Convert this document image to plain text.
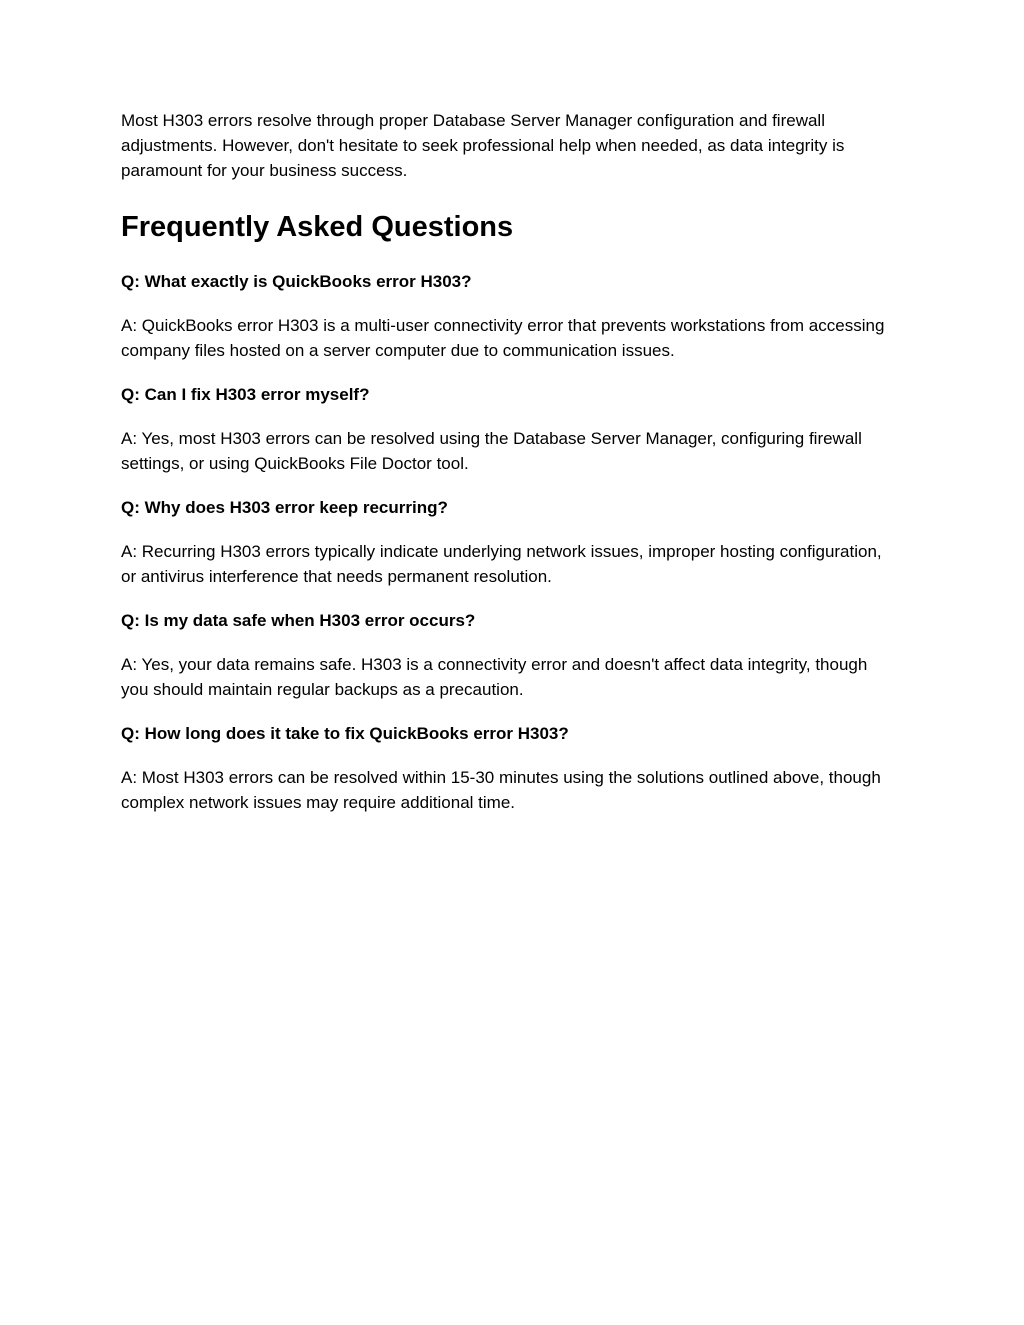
Most H303 errors resolve through proper Database Server Manager configuration and firewall adjustments. However, don't hesitate to seek professional help when needed, as data integrity is paramount for your business success.

Frequently Asked Questions
Q: What exactly is QuickBooks error H303?

A: QuickBooks error H303 is a multi-user connectivity error that prevents workstations from accessing company files hosted on a server computer due to communication issues.

Q: Can I fix H303 error myself?

A: Yes, most H303 errors can be resolved using the Database Server Manager, configuring firewall settings, or using QuickBooks File Doctor tool.

Q: Why does H303 error keep recurring?

A: Recurring H303 errors typically indicate underlying network issues, improper hosting configuration, or antivirus interference that needs permanent resolution.

Q: Is my data safe when H303 error occurs?

A: Yes, your data remains safe. H303 is a connectivity error and doesn't affect data integrity, though you should maintain regular backups as a precaution.

Q: How long does it take to fix QuickBooks error H303?

A: Most H303 errors can be resolved within 15-30 minutes using the solutions outlined above, though complex network issues may require additional time.
